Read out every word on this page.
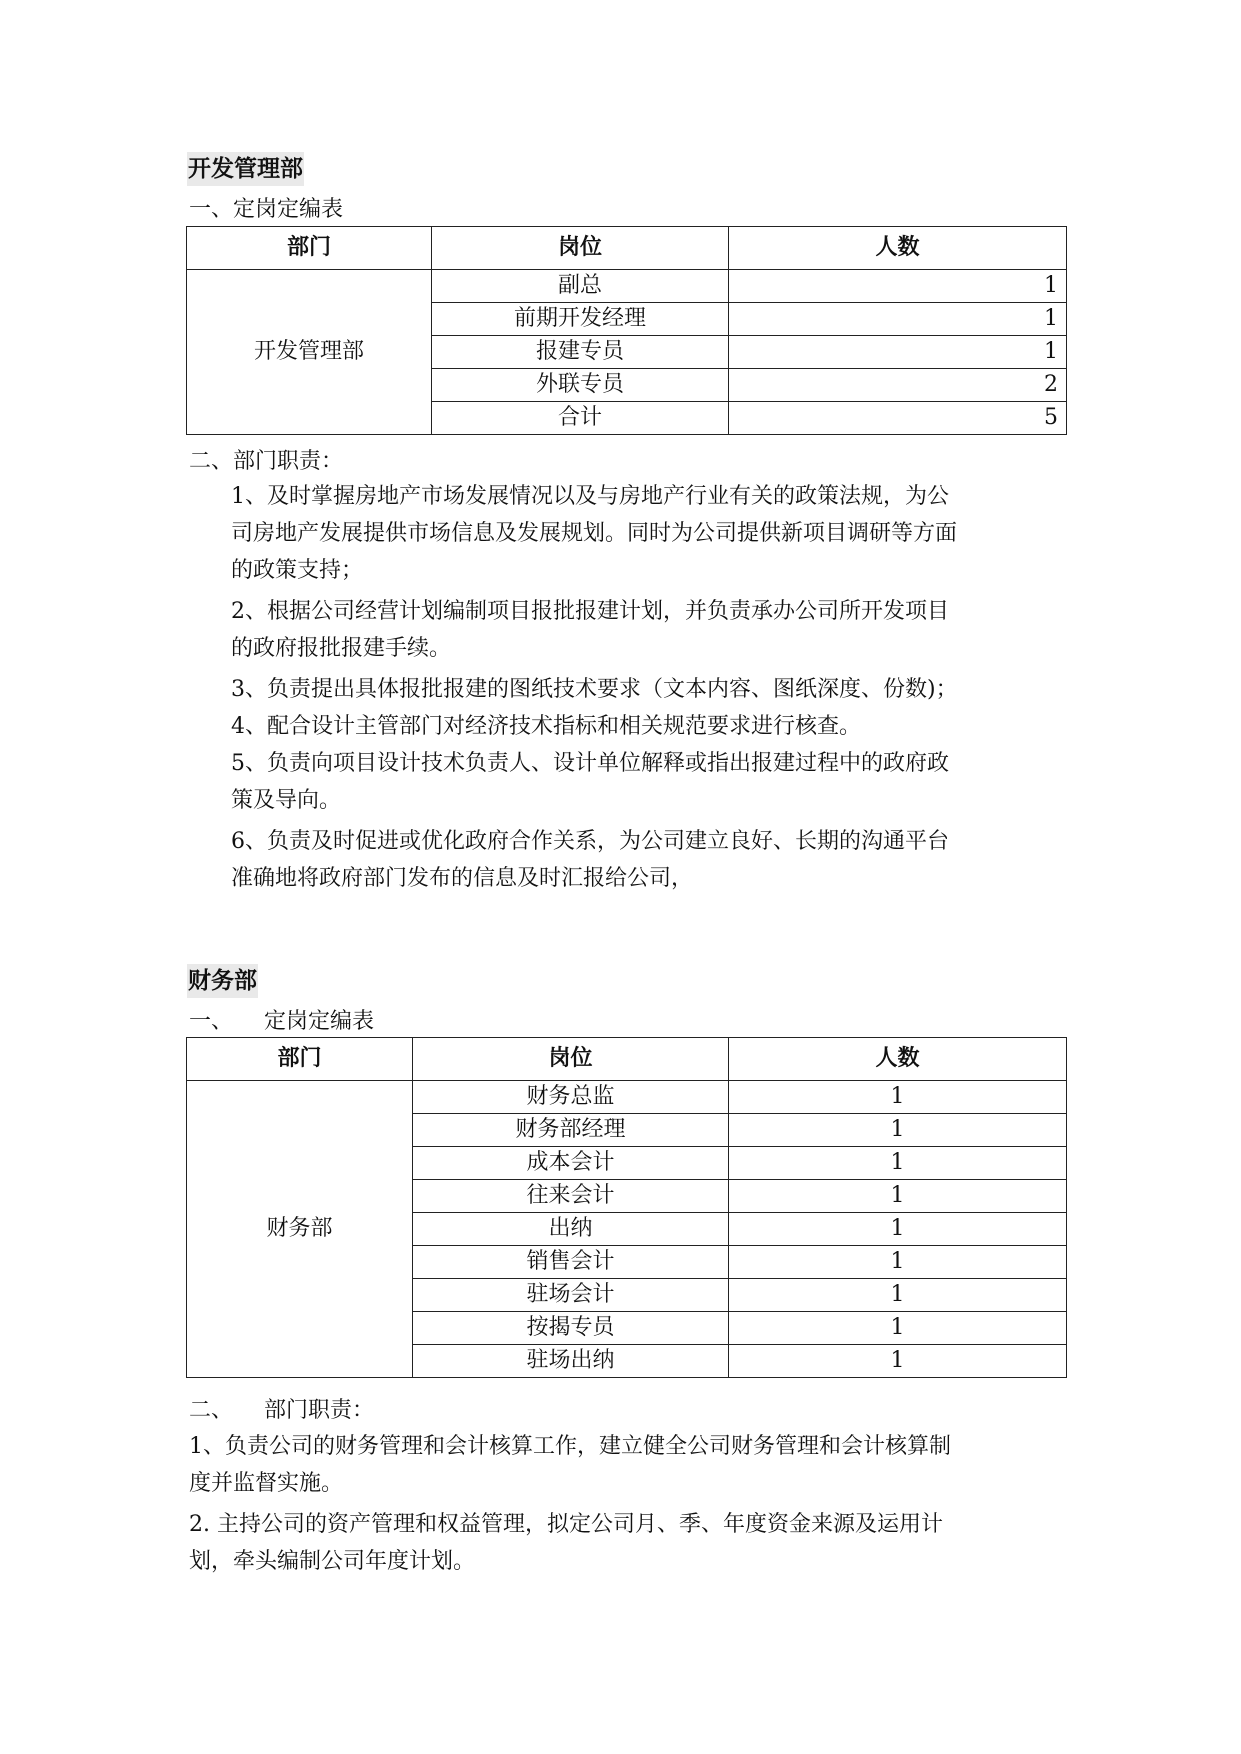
开发管理部
一、定岗定编表
部门	岗位	人数
开发管理部	副总	1
	前期开发经理	1
	报建专员	1
	外联专员	2
	合计	5
二、部门职责：
1、及时掌握房地产市场发展情况以及与房地产行业有关的政策法规，为公
司房地产发展提供市场信息及发展规划。同时为公司提供新项目调研等方面
的政策支持；
2、根据公司经营计划编制项目报批报建计划，并负责承办公司所开发项目
的政府报批报建手续。
3、负责提出具体报批报建的图纸技术要求（文本内容、图纸深度、份数)；
4、配合设计主管部门对经济技术指标和相关规范要求进行核查。
5、负责向项目设计技术负责人、设计单位解释或指出报建过程中的政府政
策及导向。
6、负责及时促进或优化政府合作关系，为公司建立良好、长期的沟通平台
准确地将政府部门发布的信息及时汇报给公司，
财务部
一、 定岗定编表
部门	岗位	人数
财务部	财务总监	1
	财务部经理	1
	成本会计	1
	往来会计	1
	出纳	1
	销售会计	1
	驻场会计	1
	按揭专员	1
	驻场出纳	1
二、 部门职责：
1、负责公司的财务管理和会计核算工作，建立健全公司财务管理和会计核算制
度并监督实施。
2. 主持公司的资产管理和权益管理，拟定公司月、季、年度资金来源及运用计
划，牵头编制公司年度计划。
